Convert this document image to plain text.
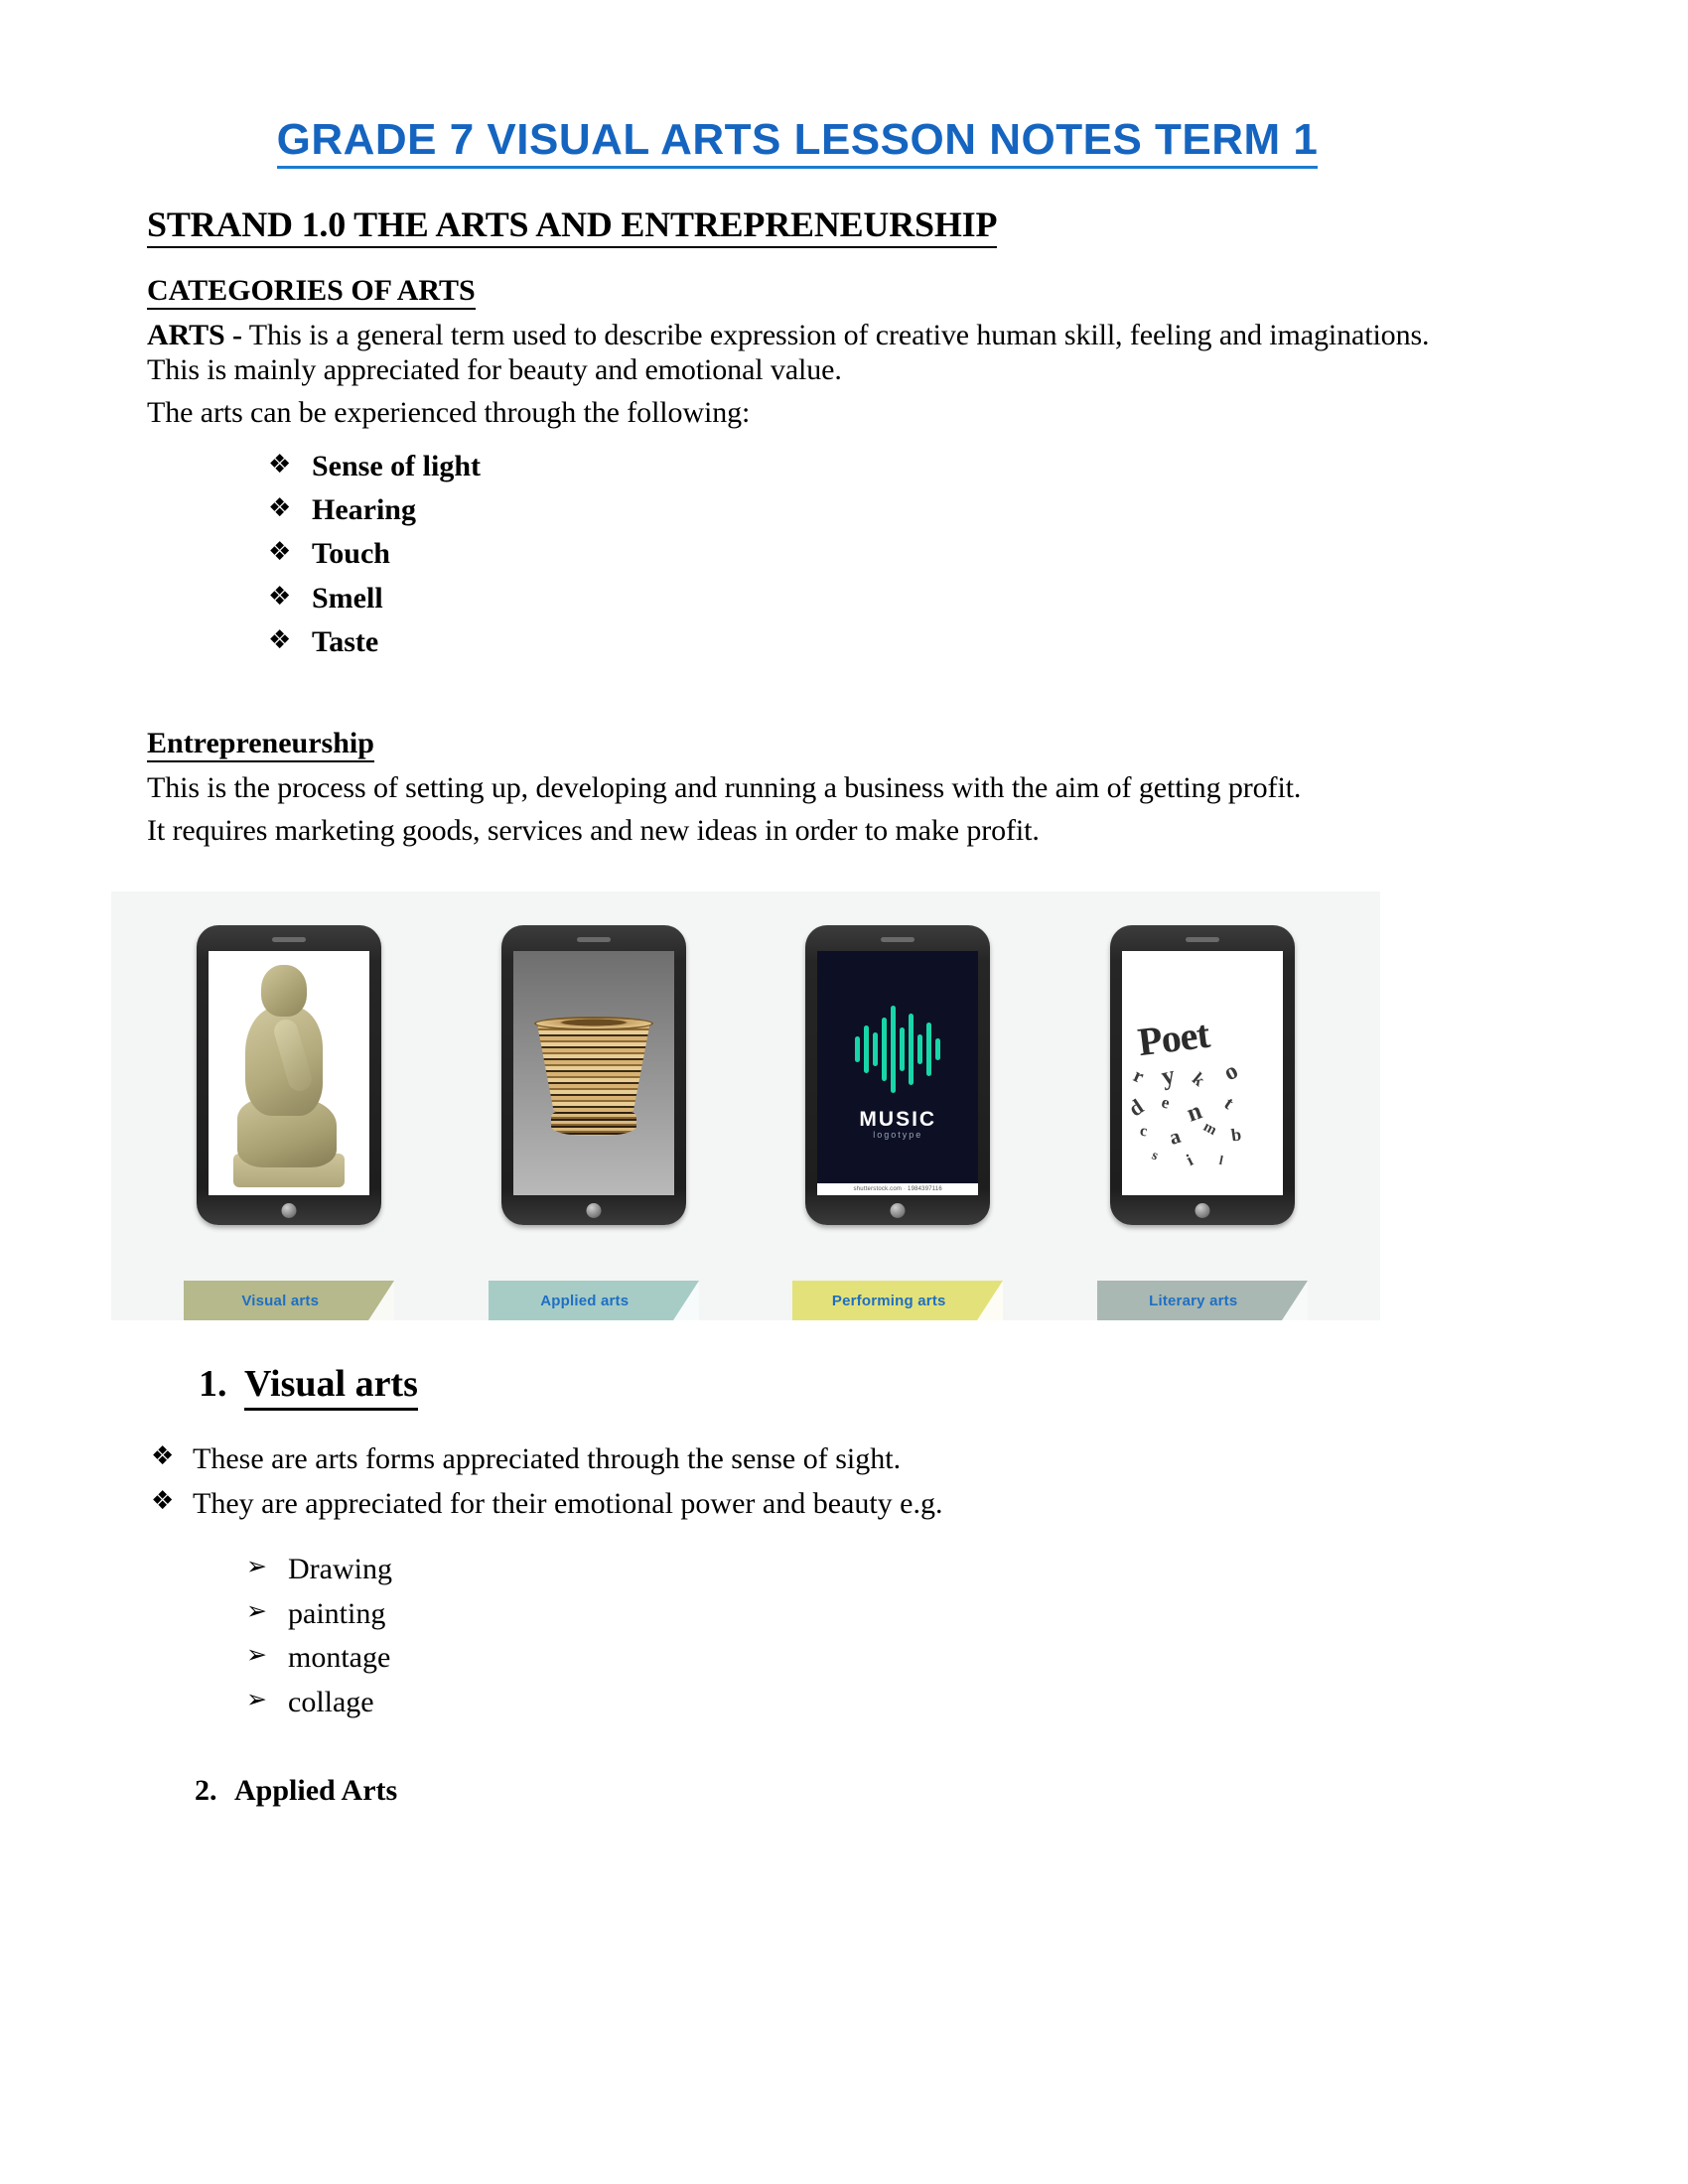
GRADE 7 VISUAL ARTS LESSON NOTES TERM 1
STRAND 1.0 THE ARTS AND ENTREPRENEURSHIP
CATEGORIES OF ARTS

ARTS - This is a general term used to describe expression of creative human skill, feeling and imaginations. This is mainly appreciated for beauty and emotional value.

The arts can be experienced through the following:

❖ Sense of light
❖ Hearing
❖ Touch
❖ Smell
❖ Taste
Entrepreneurship

This is the process of setting up, developing and running a business with the aim of getting profit.

It requires marketing goods, services and new ideas in order to make profit.

MUSIC
logotype
shutterstock.com · 1984397116
Poet
r y k o
d e n t
c a m b
s i l
Visual arts	Applied arts	Performing arts	Literary arts
1. Visual arts
❖ These are arts forms appreciated through the sense of sight.
❖ They are appreciated for their emotional power and beauty e.g.
➢ Drawing
➢ painting
➢ montage
➢ collage
2. Applied Arts
